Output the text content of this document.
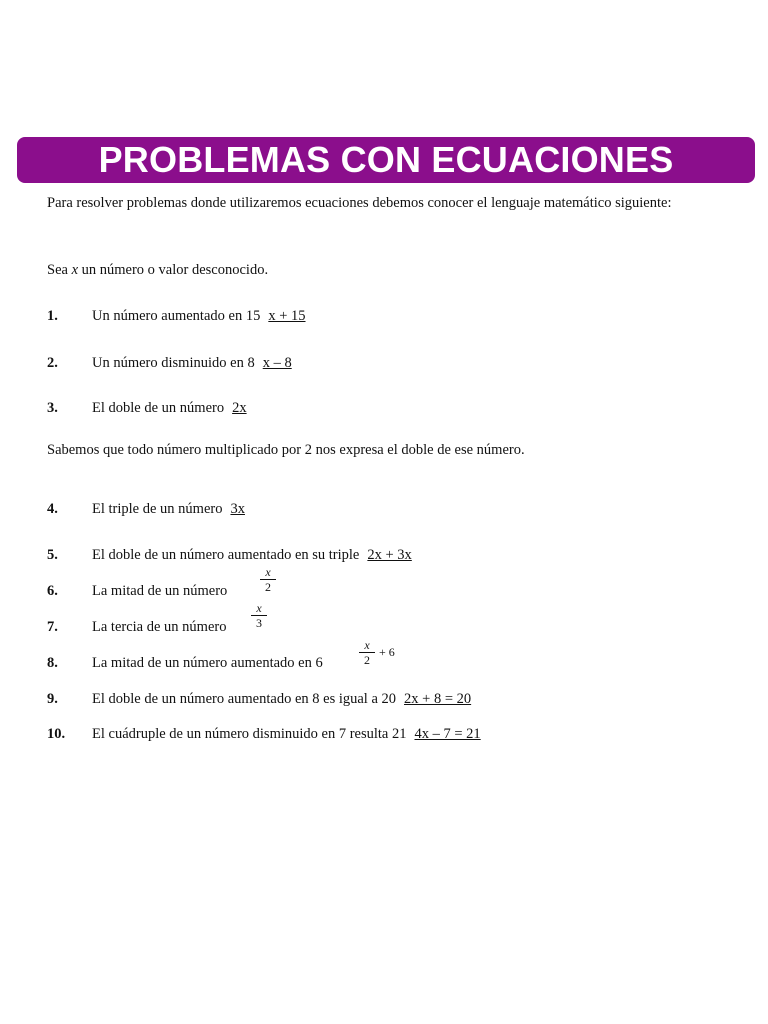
PROBLEMAS CON ECUACIONES
Para resolver problemas donde utilizaremos ecuaciones debemos conocer el lenguaje matemático siguiente:
Sea x un número o valor desconocido.
1. Un número aumentado en 15 x + 15
2. Un número disminuido en 8 x – 8
3. El doble de un número 2x
Sabemos que todo número multiplicado por 2 nos expresa el doble de ese número.
4. El triple de un número 3x
5. El doble de un número aumentado en su triple 2x + 3x
6. La mitad de un número
x
2
7. La tercia de un número
x
3
8. La mitad de un número aumentado en 6
x
2
+ 6
9. El doble de un número aumentado en 8 es igual a 20 2x + 8 = 20
10. El cuádruple de un número disminuido en 7 resulta 21 4x – 7 = 21
